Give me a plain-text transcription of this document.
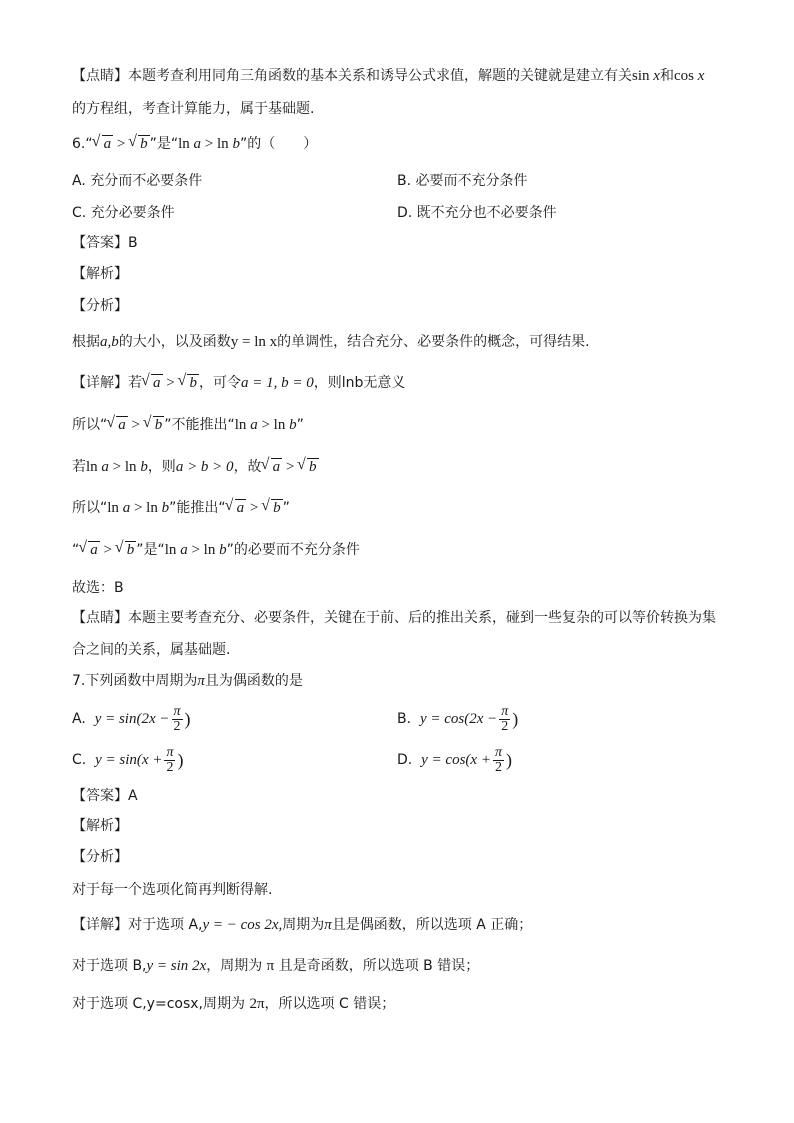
【点睛】本题考查利用同角三角函数的基本关系和诱导公式求值，解题的关键就是建立有关sin x和cos x
的方程组，考查计算能力，属于基础题.
6.“ √ a > √ b ”是“ln a > ln b”的（　　）
A. 充分而不必要条件	B. 必要而不充分条件
C. 充分必要条件	D. 既不充分也不必要条件
【答案】B
【解析】
【分析】
根据a,b的大小，以及函数y = ln x的单调性，结合充分、必要条件的概念，可得结果.
【详解】若 √ a > √ b ，可令a = 1, b = 0，则lnb无意义
所以“ √ a > √ b ”不能推出“ln a > ln b”
若ln a > ln b，则a > b > 0，故 √ a > √ b
所以“ln a > ln b”能推出“ √ a > √ b ”
“ √ a > √ b ”是“ln a > ln b”的必要而不充分条件
故选：B
【点睛】本题主要考查充分、必要条件，关键在于前、后的推出关系，碰到一些复杂的可以等价转换为集
合之间的关系，属基础题.
7.下列函数中周期为π且为偶函数的是
A. $y = \sin(2x - \frac{\pi}{2}$ )	B. $y = \cos(2x - \frac{\pi}{2}$ )
C. $y = \sin(x + \frac{\pi}{2}$ )	D. $y = \cos(x + \frac{\pi}{2}$ )
【答案】A
【解析】
【分析】
对于每一个选项化简再判断得解.
【详解】对于选项 A,y = − cos 2x,周期为π且是偶函数，所以选项 A 正确；
对于选项 B,y = sin 2x，周期为 π 且是奇函数，所以选项 B 错误；
对于选项 C,y=cosx,周期为 2π，所以选项 C 错误；
